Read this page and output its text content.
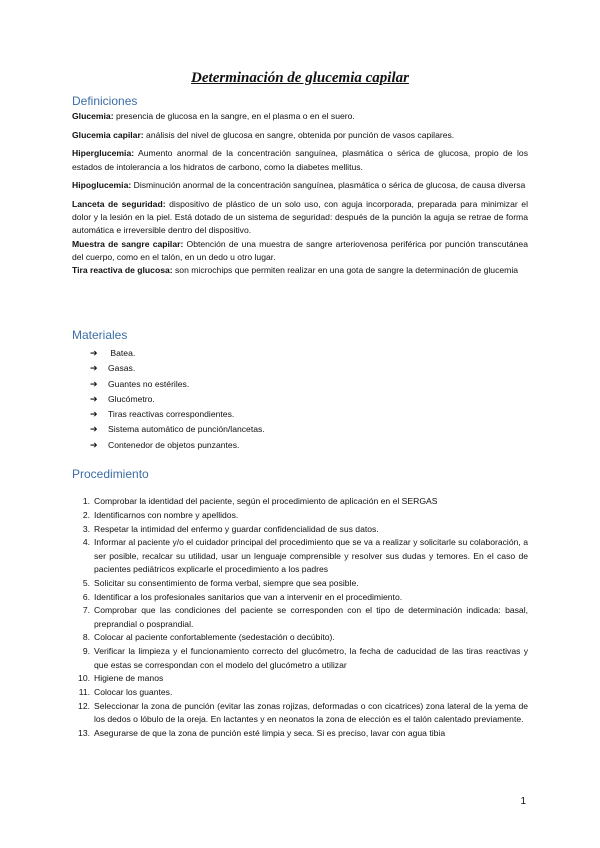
Determinación de glucemia capilar
Definiciones

Glucemia: presencia de glucosa en la sangre, en el plasma o en el suero.

Glucemia capilar: análisis del nivel de glucosa en sangre, obtenida por punción de vasos capilares.

Hiperglucemia: Aumento anormal de la concentración sanguínea, plasmática o sérica de glucosa, propio de los estados de intolerancia a los hidratos de carbono, como la diabetes mellitus.

Hipoglucemia: Disminución anormal de la concentración sanguínea, plasmática o sérica de glucosa, de causa diversa

Lanceta de seguridad: dispositivo de plástico de un solo uso, con aguja incorporada, preparada para minimizar el dolor y la lesión en la piel. Está dotado de un sistema de seguridad: después de la punción la aguja se retrae de forma automática e irreversible dentro del dispositivo.

Muestra de sangre capilar: Obtención de una muestra de sangre arteriovenosa periférica por punción transcutánea del cuerpo, como en el talón, en un dedo u otro lugar.

Tira reactiva de glucosa: son microchips que permiten realizar en una gota de sangre la determinación de glucemia

Materiales
➔ Batea.
➔ Gasas.
➔ Guantes no estériles.
➔ Glucómetro.
➔ Tiras reactivas correspondientes.
➔ Sistema automático de punción/lancetas.
➔ Contenedor de objetos punzantes.
Procedimiento
1. Comprobar la identidad del paciente, según el procedimiento de aplicación en el SERGAS
2. Identificarnos con nombre y apellidos.
3. Respetar la intimidad del enfermo y guardar confidencialidad de sus datos.
4. Informar al paciente y/o el cuidador principal del procedimiento que se va a realizar y solicitarle su colaboración, a ser posible, recalcar su utilidad, usar un lenguaje comprensible y resolver sus dudas y temores. En el caso de pacientes pediátricos explicarle el procedimiento a los padres
5. Solicitar su consentimiento de forma verbal, siempre que sea posible.
6. Identificar a los profesionales sanitarios que van a intervenir en el procedimiento.
7. Comprobar que las condiciones del paciente se corresponden con el tipo de determinación indicada: basal, preprandial o posprandial.
8. Colocar al paciente confortablemente (sedestación o decúbito).
9. Verificar la limpieza y el funcionamiento correcto del glucómetro, la fecha de caducidad de las tiras reactivas y que estas se correspondan con el modelo del glucómetro a utilizar
10. Higiene de manos
11. Colocar los guantes.
12. Seleccionar la zona de punción (evitar las zonas rojizas, deformadas o con cicatrices) zona lateral de la yema de los dedos o lóbulo de la oreja. En lactantes y en neonatos la zona de elección es el talón calentado previamente.
13. Asegurarse de que la zona de punción esté limpia y seca. Si es preciso, lavar con agua tibia
1
